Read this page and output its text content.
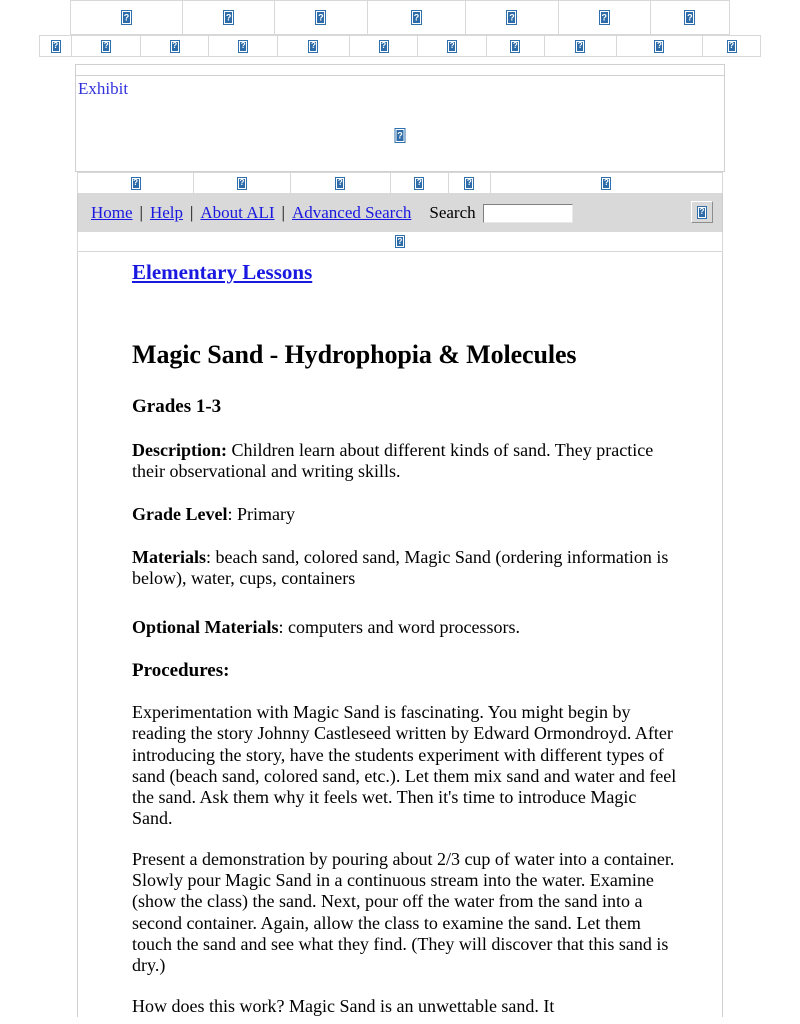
?	?	?	?	?	?	?
?	?	?	?	?	?	?	?	?	?	?
Exhibit
?
?	?	?	?	?	?
Home | Help | About ALI | Advanced Search Search
?
?
Elementary Lessons
Magic Sand - Hydrophopia & Molecules
Grades 1-3

Description: Children learn about different kinds of sand. They practice their observational and writing skills.

Grade Level: Primary

Materials: beach sand, colored sand, Magic Sand (ordering information is below), water, cups, containers

Optional Materials: computers and word processors.

Procedures:

Experimentation with Magic Sand is fascinating. You might begin by reading the story Johnny Castleseed written by Edward Ormondroyd. After introducing the story, have the students experiment with different types of sand (beach sand, colored sand, etc.). Let them mix sand and water and feel the sand. Ask them why it feels wet. Then it's time to introduce Magic Sand.

Present a demonstration by pouring about 2/3 cup of water into a container. Slowly pour Magic Sand in a continuous stream into the water. Examine (show the class) the sand. Next, pour off the water from the sand into a second container. Again, allow the class to examine the sand. Let them touch the sand and see what they find. (They will discover that this sand is dry.)

How does this work? Magic Sand is an unwettable sand. It
